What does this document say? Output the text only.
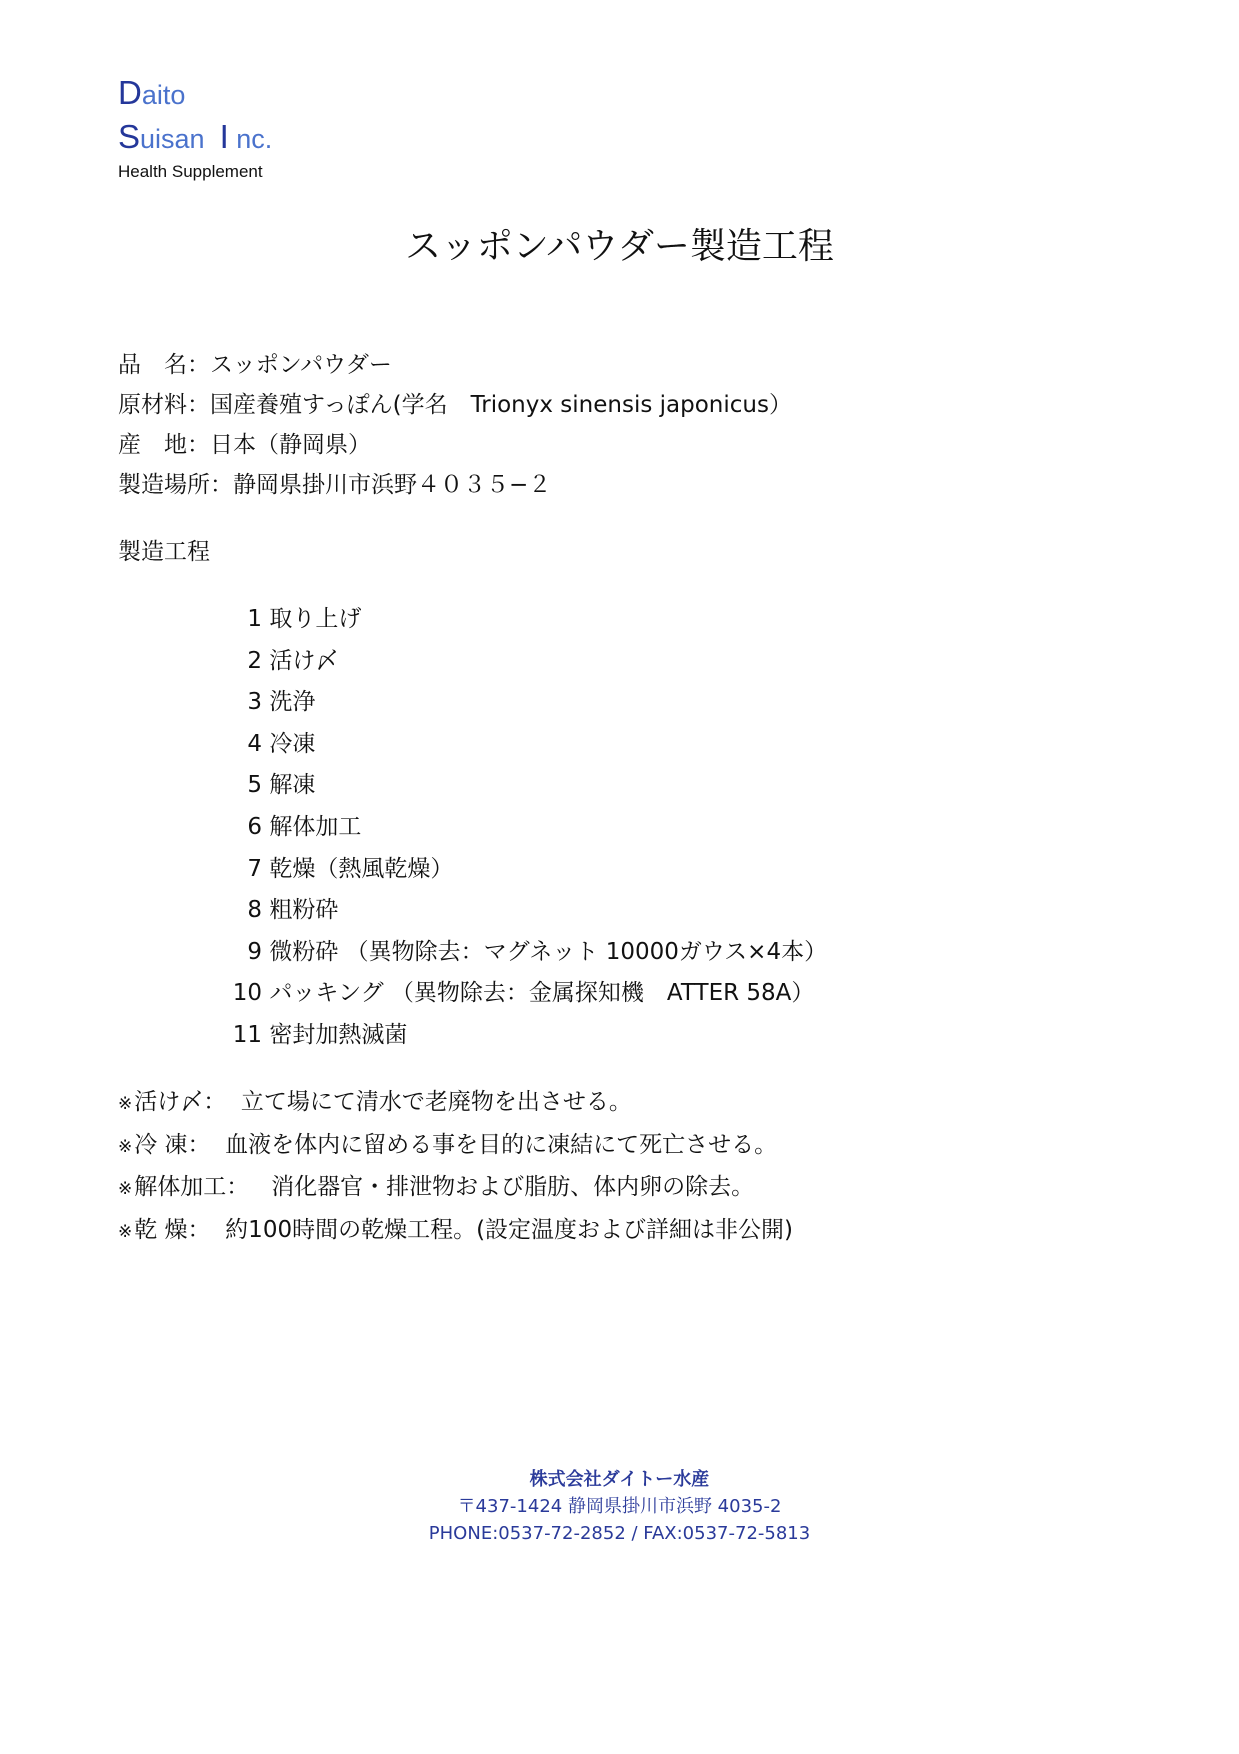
Daito
Suisan  I nc.
Health Supplement
スッポンパウダー製造工程
品　名：スッポンパウダー
原材料：国産養殖すっぽん(学名　Trionyx sinensis japonicus）
産　地：日本（静岡県）
製造場所：静岡県掛川市浜野４０３５−２
製造工程
1 取り上げ
2 活け〆
3 洗浄
4 冷凍
5 解凍
6 解体加工
7 乾燥（熱風乾燥）
8 粗粉砕
9 微粉砕 （異物除去：マグネット 10000ガウス×4本）
10 パッキング （異物除去：金属探知機　ATTER 58A）
11 密封加熱滅菌
※活け〆：  立て場にて清水で老廃物を出させる。
※冷 凍：  血液を体内に留める事を目的に凍結にて死亡させる。
※解体加工：   消化器官・排泄物および脂肪、体内卵の除去。
※乾 燥：  約100時間の乾燥工程。(設定温度および詳細は非公開)
株式会社ダイトー水産
〒437-1424 静岡県掛川市浜野 4035-2
PHONE:0537-72-2852 / FAX:0537-72-5813
